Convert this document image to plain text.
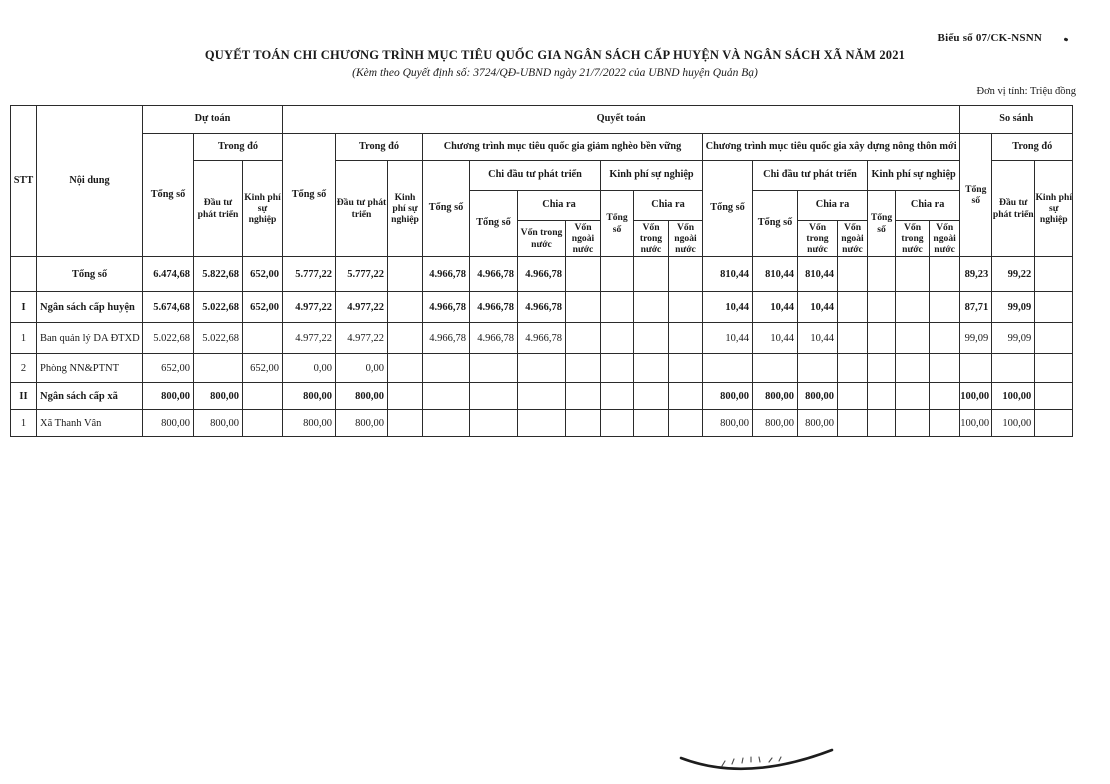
Biểu số 07/CK-NSNN
QUYẾT TOÁN CHI CHƯƠNG TRÌNH MỤC TIÊU QUỐC GIA NGÂN SÁCH CẤP HUYỆN VÀ NGÂN SÁCH XÃ NĂM 2021
(Kèm theo Quyết định số: 3724/QĐ-UBND ngày 21/7/2022 của UBND huyện Quản Bạ)
Đơn vị tính: Triệu đồng
STT	Nội dung	Dự toán			Quyết toán																	So sánh		
		Tổng số	Trong đó		Tổng số	Trong đó		Chương trình mục tiêu quốc gia giảm nghèo bền vững							Chương trình mục tiêu quốc gia xây dựng nông thôn mới							Tổng số	Trong đó	
			Đầu tư phát triển	Kinh phí sự nghiệp		Đầu tư phát triển	Kinh phí sự nghiệp	Tổng số	Chi đầu tư phát triển			Kinh phí sự nghiệp			Tổng số	Chi đầu tư phát triển			Kinh phí sự nghiệp				Đầu tư phát triển	Kinh phí sự nghiệp
									Tổng số	Chia ra		Tổng số	Chia ra			Tổng số	Chia ra		Tổng số	Chia ra				
										Vốn trong nước	Vốn ngoài nước		Vốn trong nước	Vốn ngoài nước			Vốn trong nước	Vốn ngoài nước		Vốn trong nước	Vốn ngoài nước			
	Tổng số	6.474,68	5.822,68	652,00	5.777,22	5.777,22		4.966,78	4.966,78	4.966,78					810,44	810,44	810,44					89,23	99,22	
I	Ngân sách cấp huyện	5.674,68	5.022,68	652,00	4.977,22	4.977,22		4.966,78	4.966,78	4.966,78					10,44	10,44	10,44					87,71	99,09	
1	Ban quản lý DA ĐTXD	5.022,68	5.022,68		4.977,22	4.977,22		4.966,78	4.966,78	4.966,78					10,44	10,44	10,44					99,09	99,09	
2	Phòng NN&PTNT	652,00		652,00	0,00	0,00																		
II	Ngân sách cấp xã	800,00	800,00		800,00	800,00									800,00	800,00	800,00					100,00	100,00	
1	Xã Thanh Vân	800,00	800,00		800,00	800,00									800,00	800,00	800,00					100,00	100,00	
